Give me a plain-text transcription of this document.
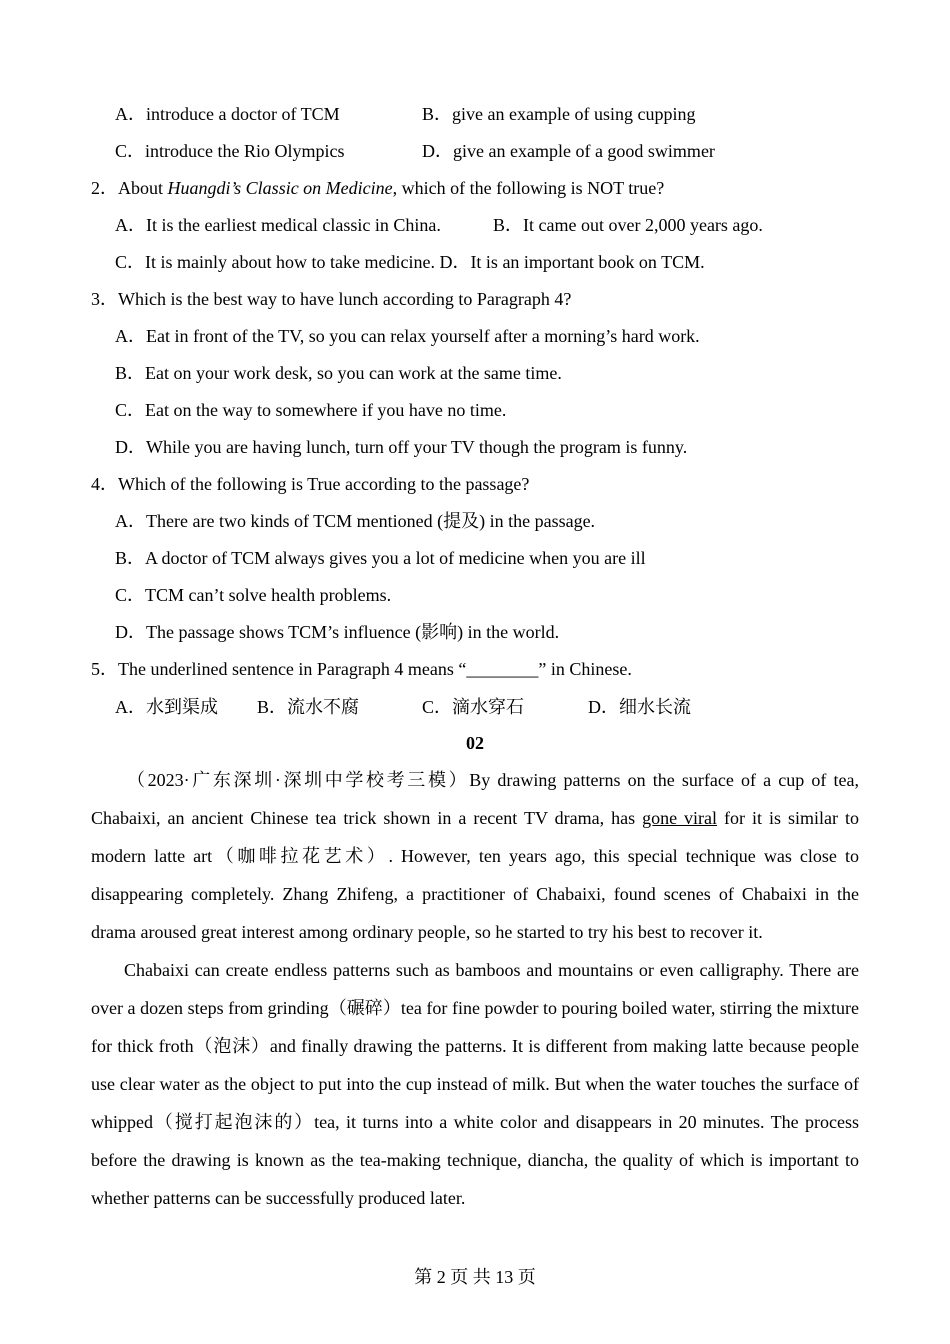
A．introduce a doctor of TCM	B．give an example of using cupping
C．introduce the Rio Olympics	D．give an example of a good swimmer
2．About Huangdi’s Classic on Medicine, which of the following is NOT true?
A．It is the earliest medical classic in China.	B．It came out over 2,000 years ago.
C．It is mainly about how to take medicine. D．It is an important book on TCM.
3．Which is the best way to have lunch according to Paragraph 4?
A．Eat in front of the TV, so you can relax yourself after a morning’s hard work.
B．Eat on your work desk, so you can work at the same time.
C．Eat on the way to somewhere if you have no time.
D．While you are having lunch, turn off your TV though the program is funny.
4．Which of the following is True according to the passage?
A．There are two kinds of TCM mentioned (提及) in the passage.
B．A doctor of TCM always gives you a lot of medicine when you are ill
C．TCM can’t solve health problems.
D．The passage shows TCM’s influence (影响) in the world.
5．The underlined sentence in Paragraph 4 means “________” in Chinese.
A．水到渠成 B．流水不腐	C．滴水穿石	D．细水长流
02
（2023·广东深圳·深圳中学校考三模）By drawing patterns on the surface of a cup of tea, Chabaixi, an ancient Chinese tea trick shown in a recent TV drama, has gone viral for it is similar to modern latte art（咖啡拉花艺术）. However, ten years ago, this special technique was close to disappearing completely. Zhang Zhifeng, a practitioner of Chabaixi, found scenes of Chabaixi in the drama aroused great interest among ordinary people, so he started to try his best to recover it.
Chabaixi can create endless patterns such as bamboos and mountains or even calligraphy. There are over a dozen steps from grinding（碾碎）tea for fine powder to pouring boiled water, stirring the mixture for thick froth（泡沫）and finally drawing the patterns. It is different from making latte because people use clear water as the object to put into the cup instead of milk. But when the water touches the surface of whipped（搅打起泡沫的）tea, it turns into a white color and disappears in 20 minutes. The process before the drawing is known as the tea-making technique, diancha, the quality of which is important to whether patterns can be successfully produced later.
第 2 页 共 13 页
